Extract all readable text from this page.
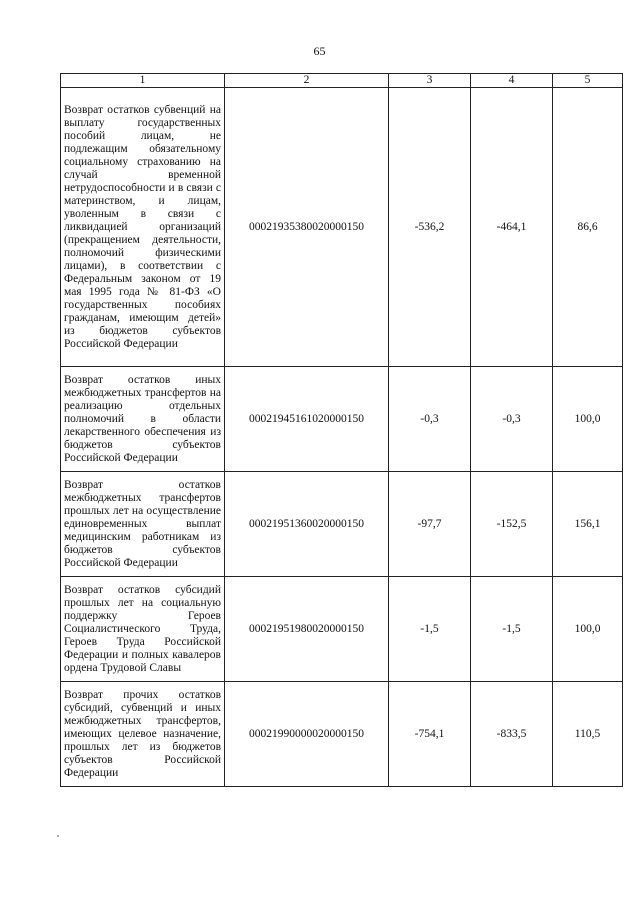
65
1	2	3	4	5
Возврат остатков субвенций на выплату государственных пособий лицам, не подлежащим обязательному социальному страхованию на случай временной нетрудоспособности и в связи с материнством, и лицам, уволенным в связи с ликвидацией организаций (прекращением деятельности, полномочий физическими лицами), в соответствии с Федеральным законом от 19 мая 1995 года № 81-ФЗ «О государственных пособиях гражданам, имеющим детей» из бюджетов субъектов Российской Федерации	00021935380020000150	-536,2	-464,1	86,6
Возврат остатков иных межбюджетных трансфертов на реализацию отдельных полномочий в области лекарственного обеспечения из бюджетов субъектов Российской Федерации	00021945161020000150	-0,3	-0,3	100,0
Возврат остатков межбюджетных трансфертов прошлых лет на осуществление единовременных выплат медицинским работникам из бюджетов субъектов Российской Федерации	00021951360020000150	-97,7	-152,5	156,1
Возврат остатков субсидий прошлых лет на социальную поддержку Героев Социалистического Труда, Героев Труда Российской Федерации и полных кавалеров ордена Трудовой Славы	00021951980020000150	-1,5	-1,5	100,0
Возврат прочих остатков субсидий, субвенций и иных межбюджетных трансфертов, имеющих целевое назначение, прошлых лет из бюджетов субъектов Российской Федерации	00021990000020000150	-754,1	-833,5	110,5
